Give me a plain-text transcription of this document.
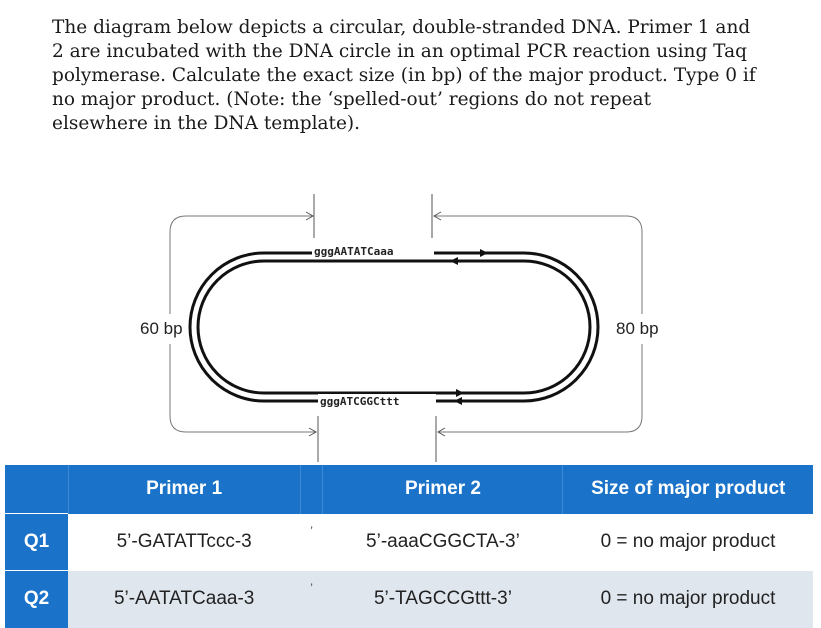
The diagram below depicts a circular, double-stranded DNA. Primer 1 and
2 are incubated with the DNA circle in an optimal PCR reaction using Taq
polymerase. Calculate the exact size (in bp) of the major product. Type 0 if
no major product. (Note: the ‘spelled-out’ regions do not repeat
elsewhere in the DNA template).
gggAATATCaaa
gggATCGGCttt
60 bp	80 bp
	Primer 1		Primer 2	Size of major product
Q1	5’-GATATTccc-3	’	5’-aaaCGGCTA-3’	0 = no major product
Q2	5’-AATATCaaa-3	’	5’-TAGCCGttt-3’	0 = no major product
